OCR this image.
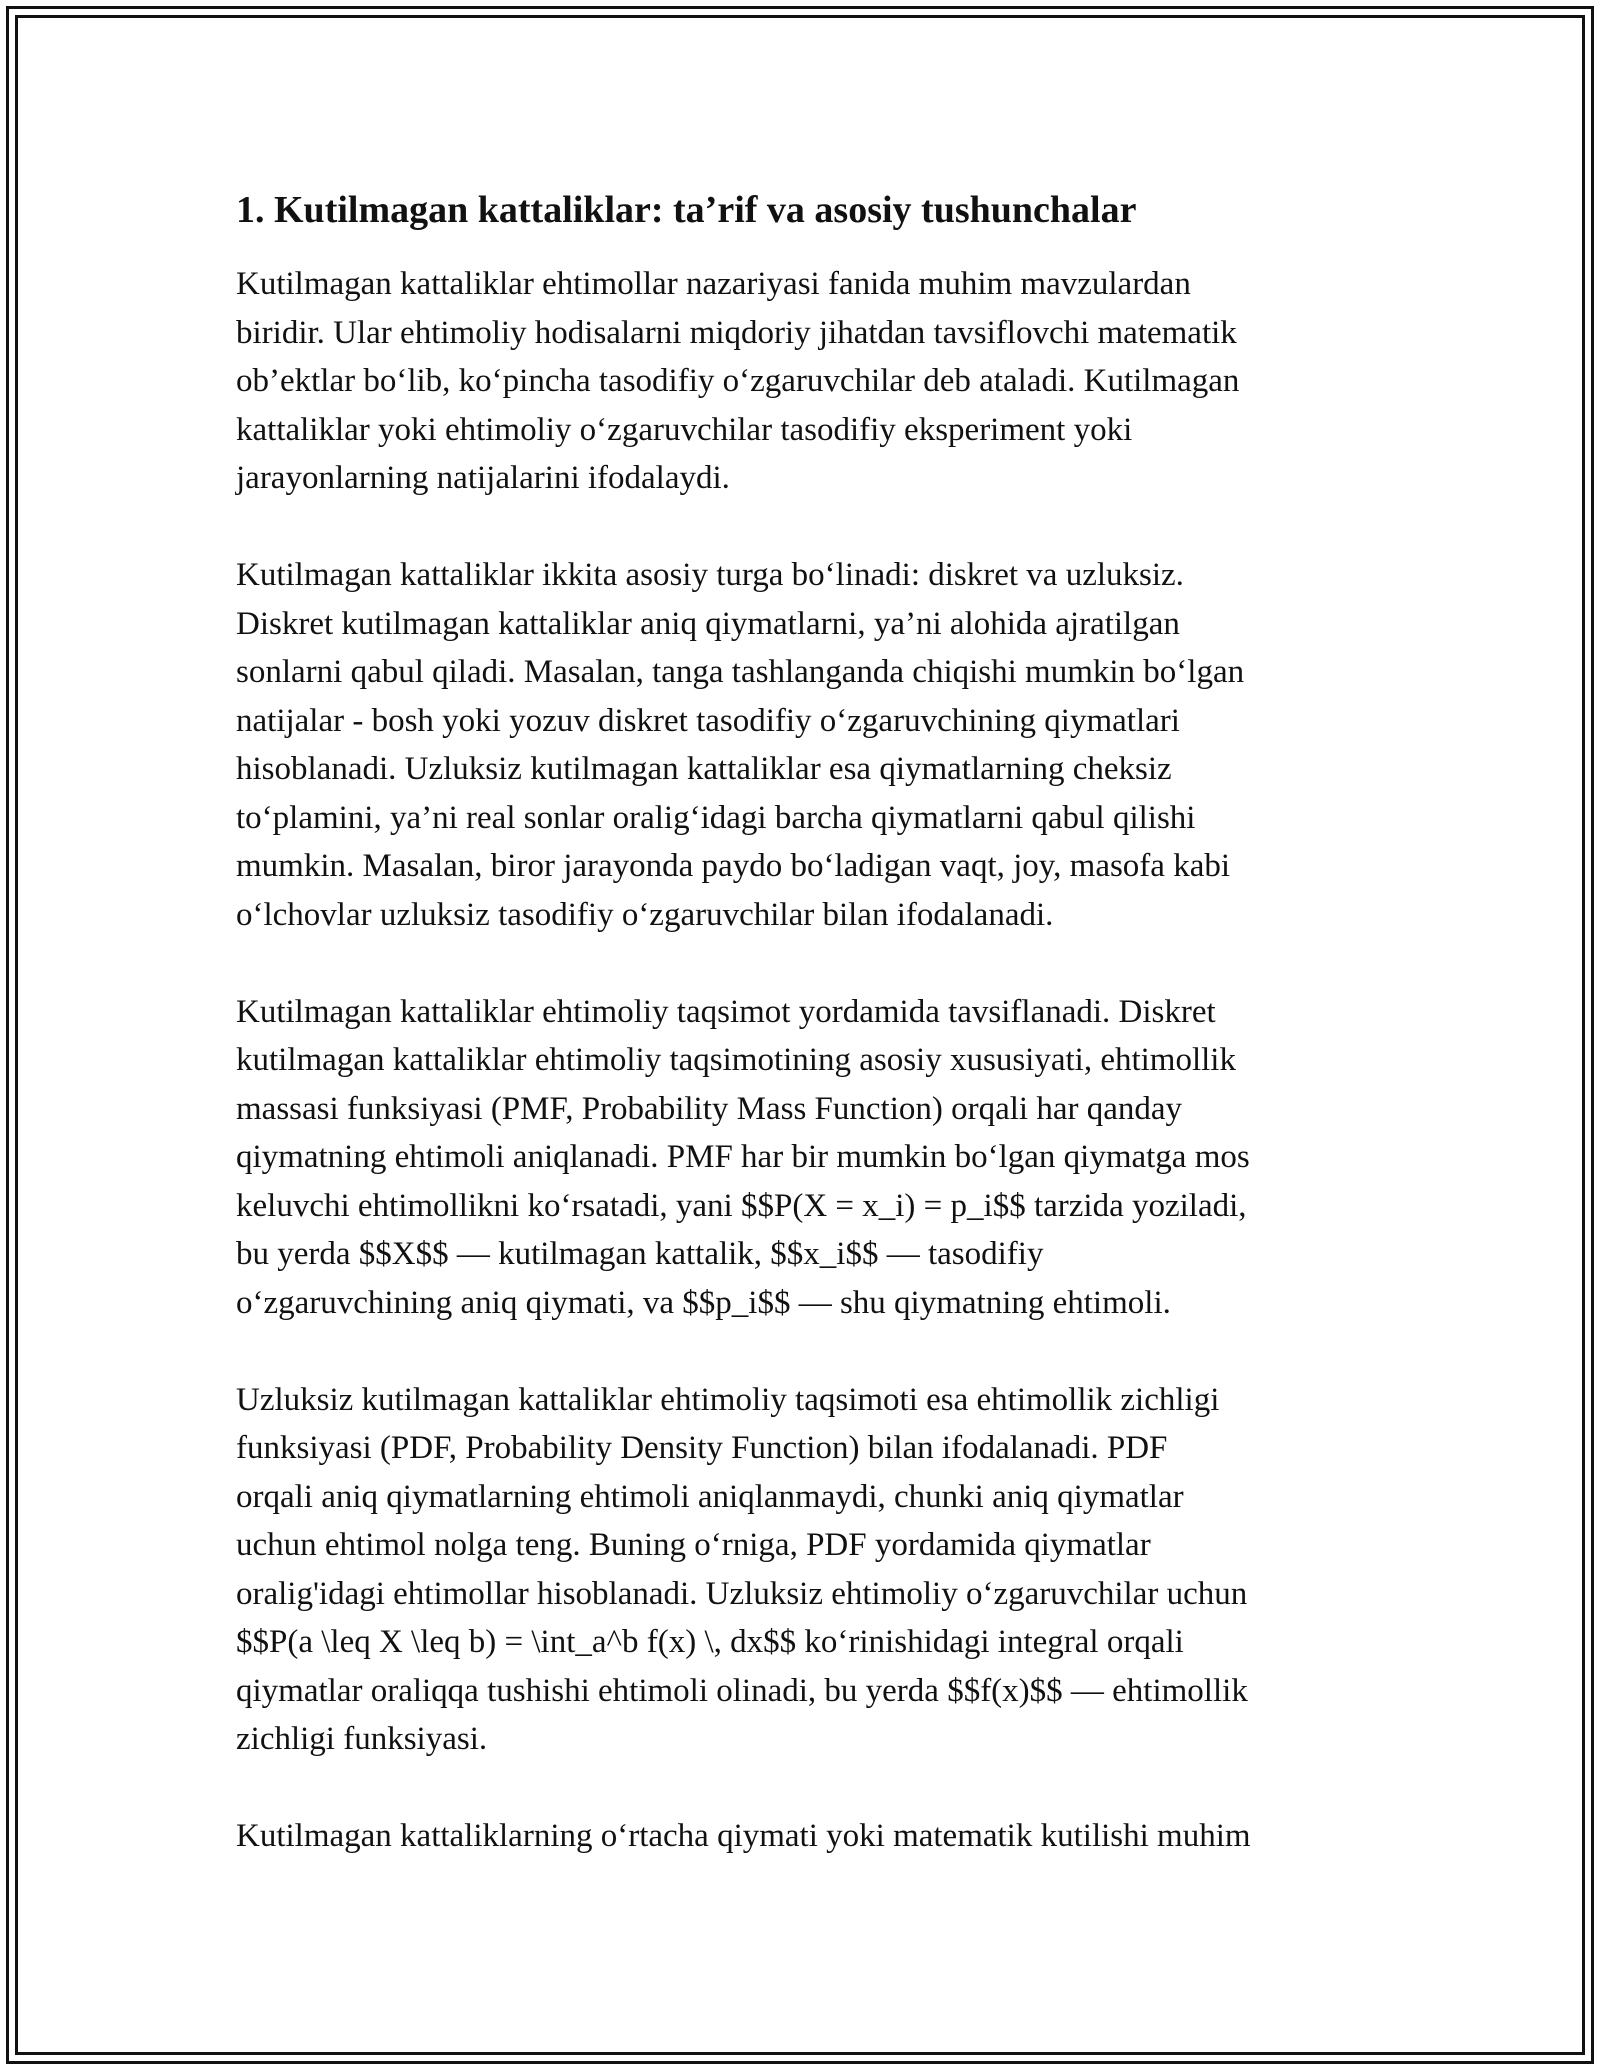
1. Kutilmagan kattaliklar: ta’rif va asosiy tushunchalar
Kutilmagan kattaliklar ehtimollar nazariyasi fanida muhim mavzulardan
biridir. Ular ehtimoliy hodisalarni miqdoriy jihatdan tavsiflovchi matematik
ob’ektlar bo‘lib, ko‘pincha tasodifiy o‘zgaruvchilar deb ataladi. Kutilmagan
kattaliklar yoki ehtimoliy o‘zgaruvchilar tasodifiy eksperiment yoki
jarayonlarning natijalarini ifodalaydi.
Kutilmagan kattaliklar ikkita asosiy turga bo‘linadi: diskret va uzluksiz.
Diskret kutilmagan kattaliklar aniq qiymatlarni, ya’ni alohida ajratilgan
sonlarni qabul qiladi. Masalan, tanga tashlanganda chiqishi mumkin bo‘lgan
natijalar - bosh yoki yozuv diskret tasodifiy o‘zgaruvchining qiymatlari
hisoblanadi. Uzluksiz kutilmagan kattaliklar esa qiymatlarning cheksiz
to‘plamini, ya’ni real sonlar oralig‘idagi barcha qiymatlarni qabul qilishi
mumkin. Masalan, biror jarayonda paydo bo‘ladigan vaqt, joy, masofa kabi
o‘lchovlar uzluksiz tasodifiy o‘zgaruvchilar bilan ifodalanadi.
Kutilmagan kattaliklar ehtimoliy taqsimot yordamida tavsiflanadi. Diskret
kutilmagan kattaliklar ehtimoliy taqsimotining asosiy xususiyati, ehtimollik
massasi funksiyasi (PMF, Probability Mass Function) orqali har qanday
qiymatning ehtimoli aniqlanadi. PMF har bir mumkin bo‘lgan qiymatga mos
keluvchi ehtimollikni ko‘rsatadi, yani $$P(X = x_i) = p_i$$ tarzida yoziladi,
bu yerda $$X$$ — kutilmagan kattalik, $$x_i$$ — tasodifiy
o‘zgaruvchining aniq qiymati, va $$p_i$$ — shu qiymatning ehtimoli.
Uzluksiz kutilmagan kattaliklar ehtimoliy taqsimoti esa ehtimollik zichligi
funksiyasi (PDF, Probability Density Function) bilan ifodalanadi. PDF
orqali aniq qiymatlarning ehtimoli aniqlanmaydi, chunki aniq qiymatlar
uchun ehtimol nolga teng. Buning o‘rniga, PDF yordamida qiymatlar
oralig'idagi ehtimollar hisoblanadi. Uzluksiz ehtimoliy o‘zgaruvchilar uchun
$$P(a \leq X \leq b) = \int_a^b f(x) \, dx$$ ko‘rinishidagi integral orqali
qiymatlar oraliqqa tushishi ehtimoli olinadi, bu yerda $$f(x)$$ — ehtimollik
zichligi funksiyasi.
Kutilmagan kattaliklarning o‘rtacha qiymati yoki matematik kutilishi muhim
